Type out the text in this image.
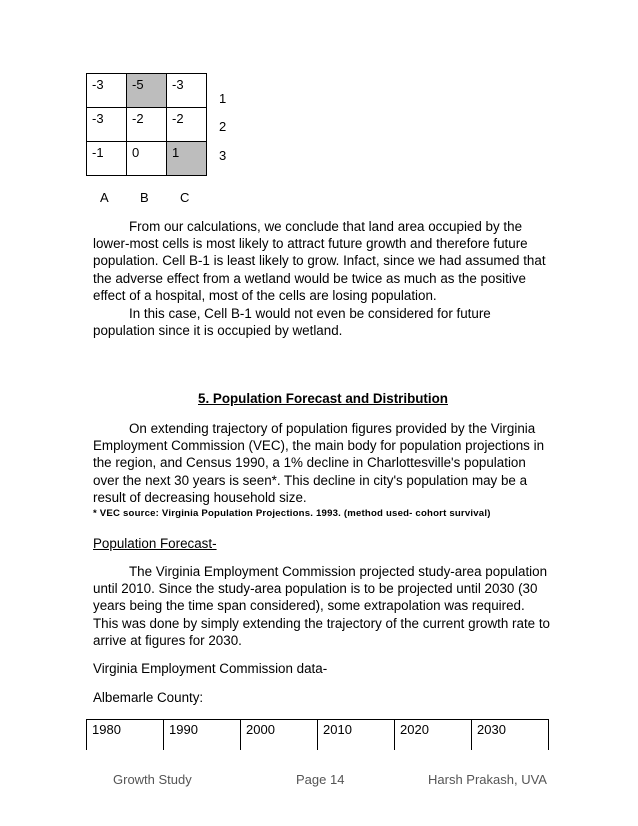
-3	-5	-3
-3	-2	-2
-1	0	1
1
2
3
A B C
From our calculations, we conclude that land area occupied by the lower-most cells is most likely to attract future growth and therefore future population. Cell B-1 is least likely to grow. Infact, since we had assumed that the adverse effect from a wetland would be twice as much as the positive effect of a hospital, most of the cells are losing population.
In this case, Cell B-1 would not even be considered for future population since it is occupied by wetland.
5. Population Forecast and Distribution
On extending trajectory of population figures provided by the Virginia Employment Commission (VEC), the main body for population projections in the region, and Census 1990, a 1% decline in Charlottesville's population over the next 30 years is seen*. This decline in city's population may be a result of decreasing household size.
* VEC source: Virginia Population Projections. 1993. (method used- cohort survival)
Population Forecast-
The Virginia Employment Commission projected study-area population until 2010. Since the study-area population is to be projected until 2030 (30 years being the time span considered), some extrapolation was required. This was done by simply extending the trajectory of the current growth rate to arrive at figures for 2030.
Virginia Employment Commission data-
Albemarle County:
1980	1990	2000	2010	2020	2030
Growth Study	Page 14	Harsh Prakash, UVA
